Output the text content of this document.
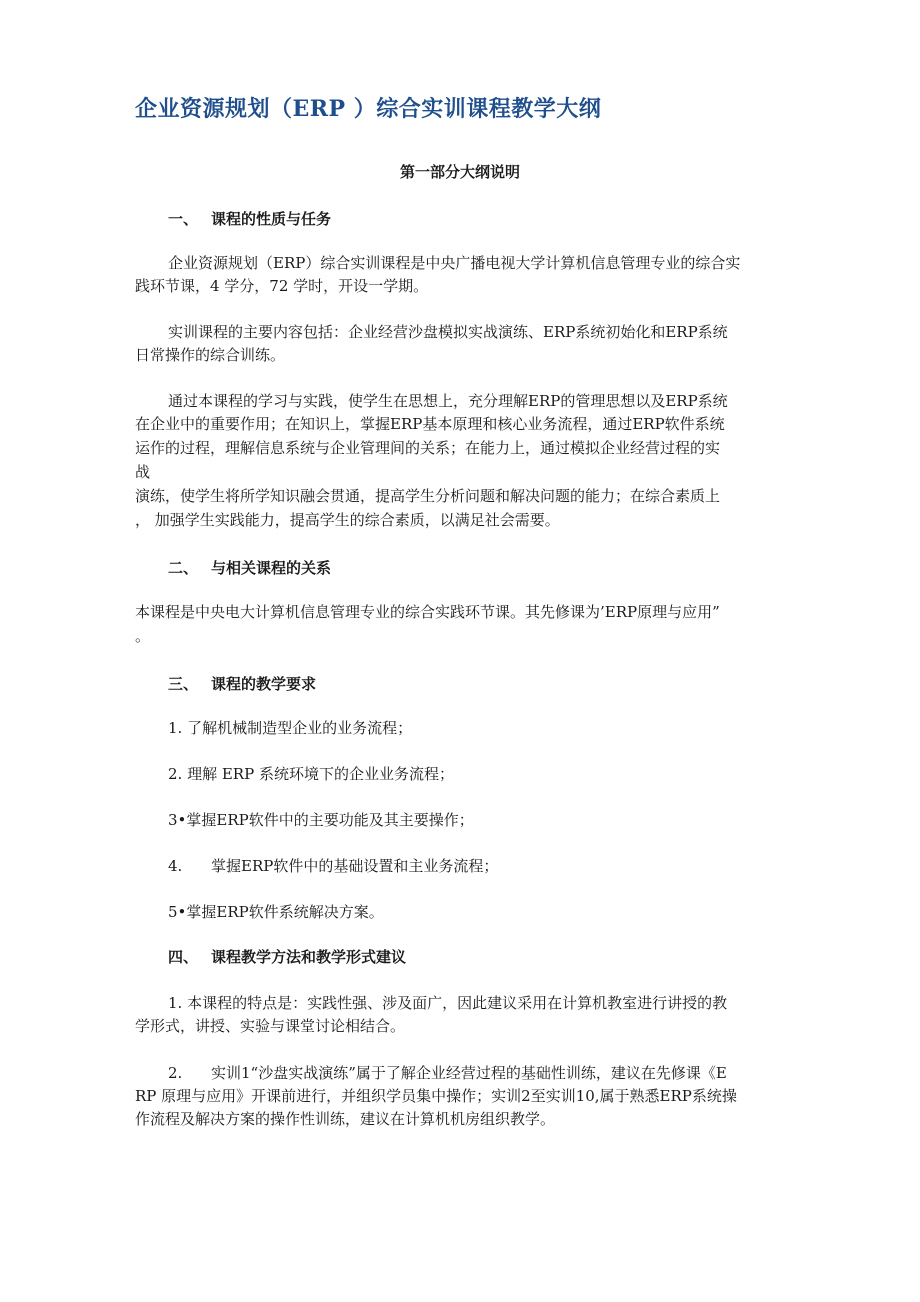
企业资源规划（ERP ）综合实训课程教学大纲
第一部分大纲说明
一、 课程的性质与任务
企业资源规划（ERP）综合实训课程是中央广播电视大学计算机信息管理专业的综合实
践环节课，4 学分，72 学时，开设一学期。
实训课程的主要内容包括：企业经营沙盘模拟实战演练、ERP系统初始化和ERP系统
日常操作的综合训练。
通过本课程的学习与实践，使学生在思想上，充分理解ERP的管理思想以及ERP系统
在企业中的重要作用；在知识上，掌握ERP基本原理和核心业务流程，通过ERP软件系统
运作的过程，理解信息系统与企业管理间的关系；在能力上，通过模拟企业经营过程的实
战
演练，使学生将所学知识融会贯通，提高学生分析问题和解决问题的能力；在综合素质上
， 加强学生实践能力，提高学生的综合素质，以满足社会需要。
二、 与相关课程的关系
本课程是中央电大计算机信息管理专业的综合实践环节课。其先修课为’ERP原理与应用”
。
三、 课程的教学要求
1. 了解机械制造型企业的业务流程；
2. 理解 ERP 系统环境下的企业业务流程；
3•掌握ERP软件中的主要功能及其主要操作；
4. 掌握ERP软件中的基础设置和主业务流程；
5•掌握ERP软件系统解决方案。
四、 课程教学方法和教学形式建议
1. 本课程的特点是：实践性强、涉及面广，因此建议采用在计算机教室进行讲授的教
学形式，讲授、实验与课堂讨论相结合。
2. 实训1“沙盘实战演练”属于了解企业经营过程的基础性训练，建议在先修课《E
RP 原理与应用》开课前进行，并组织学员集中操作；实训2至实训10,属于熟悉ERP系统操
作流程及解决方案的操作性训练，建议在计算机机房组织教学。
